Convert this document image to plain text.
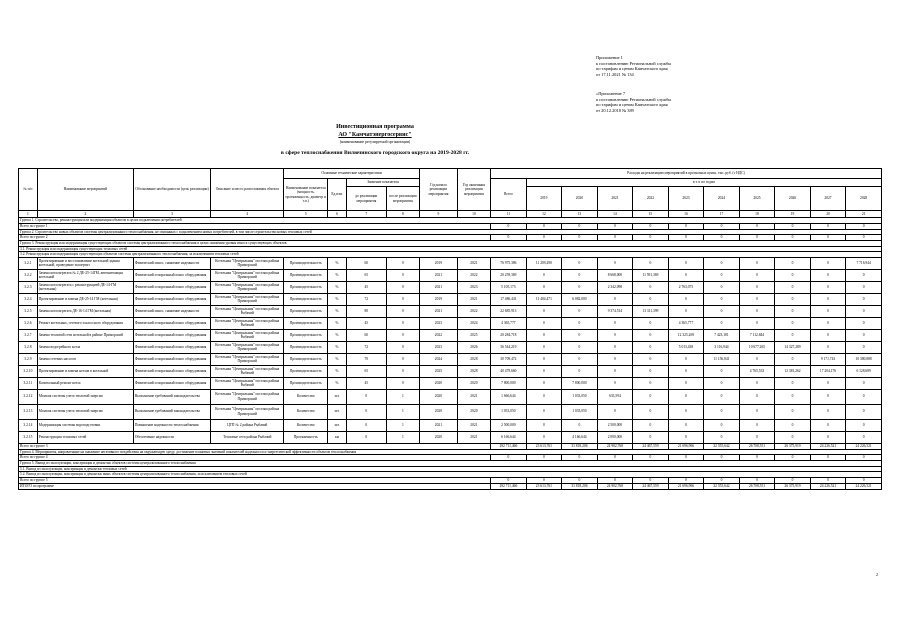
Приложение 1
к постановлению Региональной службы
по тарифам и ценам Камчатского края
от 17.11.2021 № 134
«Приложение 7
к постановлению Региональной службы
по тарифам и ценам Камчатского края
от 20.12.2018 № 389
Инвестиционная программа
АО "Камчатэнергосервис"
(наименование регулируемой организации)
в сфере теплоснабжения Вилючинского городского округа на 2019-2028 гг.
№ п/п	Наименование мероприятий	Обоснование необходимости (цель реализации)	Описание и место расположения объекта	Основные технические характеристики				Год начала реализации мероприятия	Год окончания реализации мероприятия	Расходы на реализацию мероприятий в прогнозных ценах, тыс. руб. (с НДС)										
				Наименование показателя (мощность, протяженность, диаметр и т.п.)	Ед.изм.	Значение показателя				Всего	в т.ч. по годам									
						до реализации мероприятия	после реализации мероприятия				2019	2020	2021	2022	2023	2024	2025	2026	2027	2028

1	2	3	4	5	6	7	8	9	10	11	12	13	14	15	16	17	18	19	20	21
Группа 1. Строительство, реконструкция или модернизация объектов в целях подключения потребителей																				
Всего по группе 1										0	0	0	0	0	0	0	0	0	0	0
Группа 2. Строительство новых объектов системы централизованного теплоснабжения, не связанных с подключением новых потребителей, в том числе строительство новых тепловых сетей																				
Всего по группе 2										0	0	0	0	0	0	0	0	0	0	0
Группа 3. Реконструкция или модернизация существующих объектов системы централизованного теплоснабжения в целях снижения уровня износа существующих объектов																				
3.1. Реконструкция или модернизация существующих тепловых сетей																				
3.2. Реконструкция или модернизация существующих объектов системы централизованного теплоснабжения, за исключением тепловых сетей																				
3.2.1	Проектирование и восстановление котельной здания котельной, проведение экспертиз	Физический износ, снижение надежности	Котельная "Центральная" поселка района Приморский	Производительность	%	60	0	2019	2021	76 975,386	11 209,290	0	0	0	0	0	0	0	0	7 716,944
3.2.2	Замена котлоагрегата № 2 ДЕ-25-14ГМ, автоматизация котельной	Физический и моральный износ оборудования	Котельная "Центральная" поселка района Приморский	Производительность	%	65	0	2021	2022	20 259,369	0	0	8 668,000	11 591,369	0	0	0	0	0	0
3.2.3	Замена котлоагрегата с реконструкцией ДЕ-14-ГМ (котельная)	Физический и моральный износ оборудования	Котельная "Центральная" поселка района Приморский	Производительность	%	45	0	2021	2023	5 105,173	0	0	2 342,098	0	2 763,075	0	0	0	0	0
3.2.4	Проектирование и замена ДЕ-25-14 ГМ (котельная)	Физический и моральный износ оборудования	Котельная "Центральная" поселка района Приморский	Производительность	%	72	0	2019	2021	17 486,441	11 404,471	6 082,000	0	0	0	0	0	0	0	0
3.2.5	Замена котлоагрегата ДЕ-16-14 ГМ (котельная)	Физический износ, снижение надежности	Котельная "Центральная" поселка района Рыбачий	Производительность	%	80	0	2021	2022	22 685,913	0	0	9 374,514	13 311,399	0	0	0	0	0	0
3.2.6	Ремонт котельных, сетевого и насосного оборудования	Физический и моральный износ оборудования	Котельная "Центральная" поселка района Рыбачий	Производительность	%	45	0	2023	2024	4 365,777	0	0	0	0	4 365,777	0	0	0	0	0
3.2.7	Замена тепловой сети котельной в районе Приморский	Физический и моральный износ оборудования	Котельная "Центральная" поселка района Рыбачий	Производительность	%	60	0	2022	2025	20 284,718	0	0	0	0	12 325,269	7 423,181	7 112,844	0	0	0
3.2.8	Замена водогрейного котла	Физический и моральный износ оборудования	Котельная "Центральная" поселка района Приморский	Производительность	%	72	0	2023	2026	36 544,219	0	0	0	0	5 013,438	3 116,944	10 677,265	14 327,289	0	0
3.2.9	Замена сетевых насосов	Физический и моральный износ оборудования	Котельная "Центральная" поселка района Приморский	Производительность	%	70	0	2024	2028	30 709,472	0	0	0	0	0	11 156,841	0	0	9 171,743	10 380,888
3.2.10	Проектирование и замена котлов в котельной	Физический и моральный износ оборудования	Котельная "Центральная" поселка района Рыбачий	Производительность	%	65	0	2025	2028	40 479,660	0	0	0	0	0	0	4 765,533	12 381,262	17 204,176	6 128,689
3.2.11	Капитальный ремонт котла	Физический и моральный износ оборудования	Котельная "Центральная" поселка района Рыбачий	Производительность	%	45	0	2020	2020	7 800,000	0	7 800,000	0	0	0	0	0	0	0	0
3.2.12	Монтаж системы учета тепловой энергии	Выполнение требований законодательства	Котельная "Центральная" поселка района Приморский	Количество	шт.	0	1	2020	2021	1 666,644	0	1 033,050	633,594	0	0	0	0	0	0	0
3.2.13	Монтаж системы учета тепловой энергии	Выполнение требований законодательства	Котельная "Центральная" поселка района Приморский	Количество	шт.	0	1	2020	2020	1 033,050	0	1 033,050	0	0	0	0	0	0	0	0
3.2.14	Модернизация системы водоподготовки	Повышение надежности теплоснабжения	ЦТП № 2 района Рыбачий	Количество	шт.	0	1	2021	2021	2 500,000	0	0	2 500,000	0	0	0	0	0	0	0
3.2.15	Реконструкция тепловых сетей	Обеспечение надежности	Тепловые сети района Рыбачий	Протяженность	км	0	1	2020	2021	6 166,644	0	4 166,644	2 000,000	0	0	0	0	0	0	0
Всего по группе 3										292 711,466	23 613,761	31 818,206	24 902,768	24 467,559	21 696,966	22 555,642	26 708,551	26 375,919	24 226,521	24 226,521
Группа 4. Мероприятия, направленные на снижение негативного воздействия на окружающую среду, достижение плановых значений показателей надежности и энергетической эффективности объектов теплоснабжения																				
Всего по группе 4										0	0	0	0	0	0	0	0	0	0	0
Группа 5. Вывод из эксплуатации, консервация и демонтаж объектов системы централизованного теплоснабжения																				
5.1. Вывод из эксплуатации, консервация и демонтаж тепловых сетей																				
5.2. Вывод из эксплуатации, консервация и демонтаж иных объектов системы централизованного теплоснабжения, за исключением тепловых сетей																				
Всего по группе 5										0	0	0	0	0	0	0	0	0	0	0
ИТОГО по программе										292 711,466	23 613,761	31 818,206	24 902,768	24 467,559	21 696,966	22 555,642	26 708,551	26 375,919	24 226,521	24 226,521
2
